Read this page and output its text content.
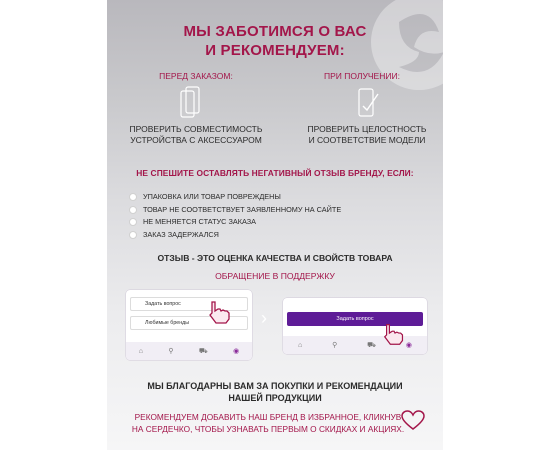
МЫ ЗАБОТИМСЯ О ВАС
И РЕКОМЕНДУЕМ:
ПЕРЕД ЗАКАЗОМ:
ПРОВЕРИТЬ СОВМЕСТИМОСТЬ
УСТРОЙСТВА С АКСЕССУАРОМ
ПРИ ПОЛУЧЕНИИ:
ПРОВЕРИТЬ ЦЕЛОСТНОСТЬ
И СООТВЕТСТВИЕ МОДЕЛИ
НЕ СПЕШИТЕ ОСТАВЛЯТЬ НЕГАТИВНЫЙ ОТЗЫВ БРЕНДУ, ЕСЛИ:
УПАКОВКА ИЛИ ТОВАР ПОВРЕЖДЕНЫ
ТОВАР НЕ СООТВЕТСТВУЕТ ЗАЯВЛЕННОМУ НА САЙТЕ
НЕ МЕНЯЕТСЯ СТАТУС ЗАКАЗА
ЗАКАЗ ЗАДЕРЖАЛСЯ
ОТЗЫВ - ЭТО ОЦЕНКА КАЧЕСТВА И СВОЙСТВ ТОВАРА
ОБРАЩЕНИЕ В ПОДДЕРЖКУ
Задать вопрос
Любимые бренды
⌂	⚲	⛟	◉
›	Задать вопрос
⌂	⚲	⛟	◉
МЫ БЛАГОДАРНЫ ВАМ ЗА ПОКУПКИ И РЕКОМЕНДАЦИИ
НАШЕЙ ПРОДУКЦИИ
РЕКОМЕНДУЕМ ДОБАВИТЬ НАШ БРЕНД В ИЗБРАННОЕ, КЛИКНУВ
НА СЕРДЕЧКО, ЧТОБЫ УЗНАВАТЬ ПЕРВЫМ О СКИДКАХ И АКЦИЯХ.
